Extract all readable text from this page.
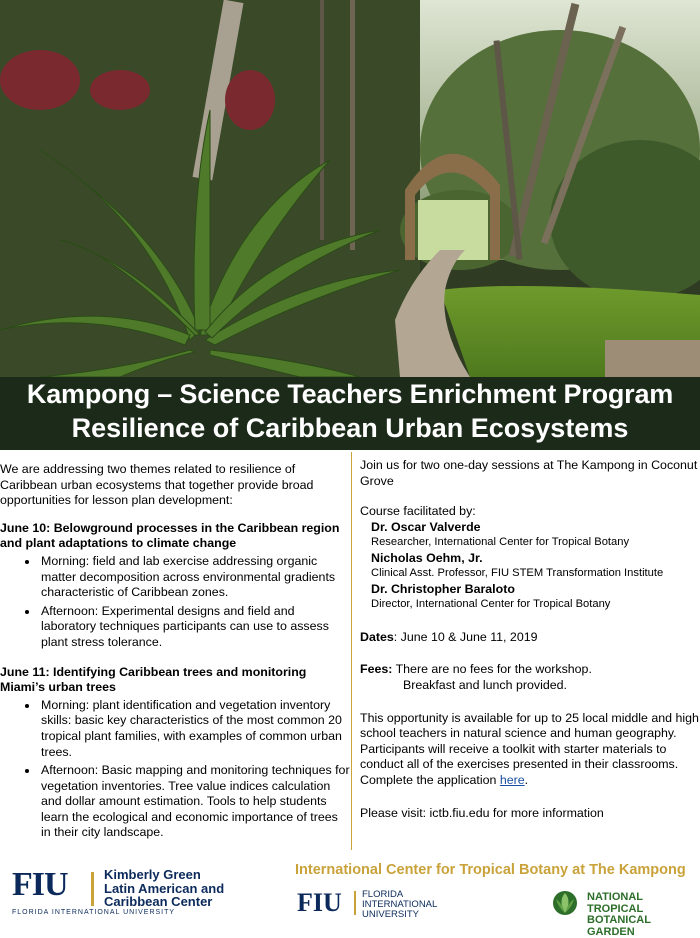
Kampong – Science Teachers Enrichment Program
Resilience of Caribbean Urban Ecosystems

We are addressing two themes related to resilience of Caribbean urban ecosystems that together provide broad opportunities for lesson plan development:

June 10: Belowground processes in the Caribbean region and plant adaptations to climate change

• Morning: field and lab exercise addressing organic matter decomposition across environmental gradients characteristic of Caribbean zones.
• Afternoon: Experimental designs and field and laboratory techniques participants can use to assess plant stress tolerance.

June 11: Identifying Caribbean trees and monitoring Miami’s urban trees

• Morning: plant identification and vegetation inventory skills: basic key characteristics of the most common 20 tropical plant families, with examples of common urban trees.
• Afternoon: Basic mapping and monitoring techniques for vegetation inventories. Tree value indices calculation and dollar amount estimation. Tools to help students learn the ecological and economic importance of trees in their city landscape.

Join us for two one-day sessions at The Kampong in Coconut Grove

Course facilitated by:

Dr. Oscar Valverde

Researcher, International Center for Tropical Botany

Nicholas Oehm, Jr.

Clinical Asst. Professor, FIU STEM Transformation Institute

Dr. Christopher Baraloto

Director, International Center for Tropical Botany

Dates: June 10 & June 11, 2019

Fees: There are no fees for the workshop.

Breakfast and lunch provided.

This opportunity is available for up to 25 local middle and high school teachers in natural science and human geography. Participants will receive a toolkit with starter materials to conduct all of the exercises presented in their classrooms. Complete the application here.

Please visit: ictb.fiu.edu for more information

FIU	Kimberly Green
Latin American and
Caribbean Center
FLORIDA INTERNATIONAL UNIVERSITY
International Center for Tropical Botany at The Kampong
FIU FLORIDA
INTERNATIONAL
UNIVERSITY
NATIONAL TROPICAL
BOTANICAL GARDEN
